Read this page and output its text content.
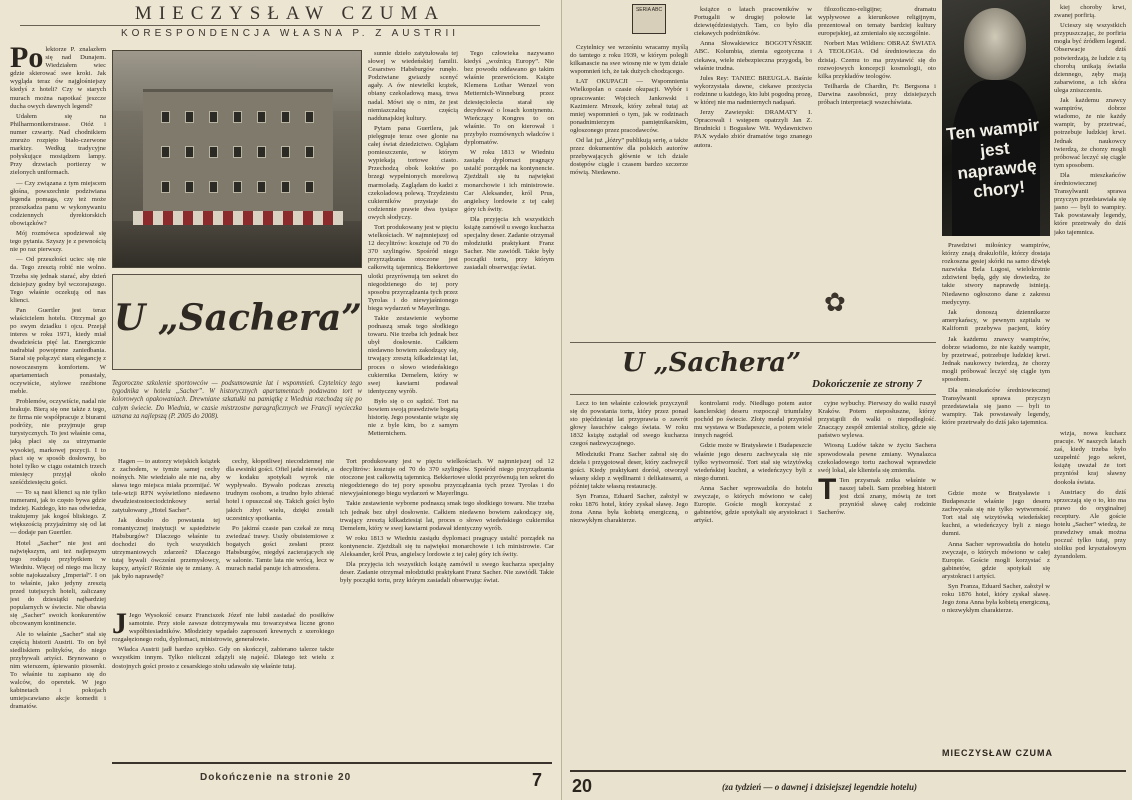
MIECZYSŁAW CZUMA
KORESPONDENCJA WŁASNA P. Z AUSTRII

Po lektorze P. znalazłem się nad Dunajem. Wiedziałem wiec gdzie skierować swe kroki. Jak wygląda teraz ów najgłośniejszy kiedyś z hoteli? Czy w starych murach można napotkać jeszcze ducha owych dawnych legend?

Udałem się na Philharmonikerstrasse. Otóż i numer czwarty. Nad chodnikiem zmrużo rozpięto biało-czerwone markizy. Według tradycyjne połyskujące mosiądzem lampy. Przy drzwiach portierzy w zielonych uniformach.

— Czy związana z tym miejscem głośna, powszechnie podziwiana legenda pomaga, czy też może przeszkadza panu w wykonywaniu codziennych dyrektorskich obowiązków?

Mój rozmówca spodziewał się tego pytania. Szyszy je z pewnością nie po raz pierwszy.

— Od przeszłości uciec się nie da. Tego zresztą robić nie wolno. Trzeba się jednak starać, aby dzień dzisiejszy godny był wczorajszego. Tego właśnie oczekują od nas klienci.

Pan Guertler jest teraz właścicielem hotelu. Otrzymał go po swym dziadku i ojcu. Przejął interes w roku 1971, kiedy miał dwadzieścia pięć lat. Energicznie nadrabiał powojenne zaniedbania. Starał się połączyć starą elegancję z nowoczesnym komfortem. W apartamentach ponastały, oczywiście, stylowe rzeźbione meble.

Problemów, oczywiście, nadal nie brakuje. Bierą się one także z tego, że firma nie współpracuje z biurami podróży, nie przyjmuje grup turystycznych. To jest właśnie cena, jaką płaci się za utrzymanie wysokiej, markowej pozycji. I to płaci się w sposób dosłowny, bo hotel tylko w ciągu ostatnich trzech miesięcy przyjął około sześćdziesięciu gości.

— To są nasi klienci są nie tylko numerami, jak to często bywa gdzie indziej. Każdego, kto nas odwiedza, traktujemy jak kogoś bliskiego. Z większością przyjaźnimy się od lat — dodaje pan Guertler.

Hotel „Sacher” nie jest ani największym, ani też najlepszym tego rodzaju przybytkiem w Wiedniu. Więcej od niego ma liczy sobie najokazalszy „Imperial”. I on to właśnie, jako jedyny zresztą przed tutejszych hoteli, zaliczany jest do dziesiątki najbardziej popularnych w świecie. Nie obawia się „Sacher” swoich konkurentów obcowanym kontinencie.

Ale to właśnie „Sacher” stał się częścią historii Austrii. To on był siedliskiem polityków, do niego przybywali artyści. Brynowano o nim wierszem, śpiewanio piosenki. To właśnie tu zapisano się do walców, do operetek. W jego kabinetach i pokojach umiejscawiano akcje komedii i dramatów.

sunnie dzieło zatytułowała tej słowej w wiedeńskiej familii. Cesarstwo Habsburgów runęło. Podziwiane gwiazdy scenyć agały. A ów niewielki krążek, obiany czekoladową masą, trwa nadal. Mówi się o nim, że jest niemiazczalną częścią naddunajskiej kultury.

Pytam pana Guertlera, jak pielęgnuje teraz owe glonie na całej świat dziedzictwo. Ogląłam pomieszczenie, w którym wypiekają tortowe ciasto. Przechodzą obok koktów po brzegi wypełnionych morelową marmoladą. Zaglądam do kadzi z czekoladową polewą. Trzydziestu cukierników przystaje do codziennie prawie dwa tysiące owych słodyczy.

Tort produkowany jest w pięciu wielkościach. W najmniejszej od 12 decylitrów: kosztuje od 70 do 370 szylingów. Spośród niego przyrządzania otoczone jest całkowitą tajemnicą. Bekkertowe ulotki przyrównują ten sekret do niegodzienego do tej pory sposobu przyrządzania tych przez Tyrolas i do niewyjaśnionego biegu wydarzeń w Mayerlingu.

Takie zestawienie wyborne podnaszą smak tego słodkiego towaru. Nie trzeba ich jednak bez ubył dosłownie. Całkiem niedawno bowiem zakodzący się, trwający zresztą kilkadziesiąt lat, proces o słowo wiedeńskiego cukiernika Demelem, który w swej kawiarni podawał identyczny wyrób.

Było się o co sądzić. Tort na bowiem swoją prawdziwie bogatą historię. Jego powstanie wiąże się nie z byle kim, bo z samym Metternichem.

Tego człowieka nazywano kiedyś „woźnicą Europy”. Nie bez powodu oddawano go takim właśnie przewróciom. Książe Klemens Lothar Wenzel von Metternich-Winneburg przez dziesięciolecia starał się decydować o losach kontynentu. Wieńczący Kongres to on właśnie. To on kierował i przybyło rozmównych władców i dyplomatów.

W roku 1813 w Wiedniu zasiądu dyplomaci pragnący ustalić porządek na kontynencie. Zjeżdżali się tu najwięksi monarchowie i ich ministrowie. Car Aleksander, król Prus, angielscy lordowie z tej całej góry ich świty.

Dla przyjęcia ich wszystkich książę zamówił u swego kucharza specjalny deser. Zadanie otrzymał młodziutki praktykant Franz Sacher. Nie zawiódł. Takie były początki tortu, przy którym zasiadali obserwując świat.

U „Sachera”
Tegoroczne szkolenie sportowców — podsumowanie lat i wspomnień. Czytelnicy tego tygodnika w hotelu „Sacher”. W historycznych apartamentach podawano tort w kolorowych opakowaniach. Drewniane szkatułki na pamiątkę z Wiednia rozchodzą się po całym świecie. Do Wiednia, w czasie mistrzostw paragraficznych we Francji wycieczka uznana za najlepszą (P. 2005 do 2008).

Hagen — to autorzy wiejskich książek z zachodem, w tymże samej cechy nośnych. Nie wiedziało ale nie na, aby sława tego miejsca miała przemijać. W tele-wizji RFN wyświetlono niedawno dwudziestostoeciodcinkowy serial zatytułowany „Hotel Sacher”.

Jak doszło do powstania tej romantycznej instytucji w sąsiedztwie Habsburgów? Dlaczego właśnie tu dochodzi do tych wszystkich utrzymaniowych zdarzeń? Dlaczego tutaj bywali ówcześni przemysłowcy, kupcy, artyści? Różnie się te zmiany. A jak było naprawdę?

cechy, kłopotliwej niecodziennej nie dla ewsinki gości. Ofiel jadał niewiele, a w kodaku spotykali wyrok nie wypływało. Bywało podczas zresztą trudnym osobom, a trudno było zbierać hotel i opuszczał się. Takich gości było jakich zbyt wielu, dzięki zostali uczestnicy spotkania.

Po jakimś czasie pan czekał ze mną zwiedzać trawy. Uszły obuistemiowe z bogatych gości zesłani przez Habsburgów, niegdyś zacierających się w salonie. Tamte lata nie wrócą, lecz w murach nadal panuje ich atmosfera.

J Jego Wysokość cesarz Franciszek Józef nie lubił zasiadać do posiłków samotnie. Przy stole zawsze dotrzymywała mu towarzystwa liczne grono współbiesiadników. Młodzieży wpadało zaproszeń krewnych z szerokiego rozgałęzionego rodu, dyplomaci, ministrowie, generałowie.

Władca Austrii jadł bardzo szybko. Gdy on skończył, zabierano talerze także wszystkim innym. Tylko nieliczni zdążyli się najeść. Dlatego też wielu z dostojnych gości prosto z cesarskiego stołu udawało się właśnie tutaj.

Tort produkowany jest w pięciu wielkościach. W najmniejszej od 12 decylitrów: kosztuje od 70 do 370 szylingów. Spośród niego przyrządzania otoczone jest całkowitą tajemnicą. Bekkertowe ulotki przyrównują ten sekret do niegodzienego do tej pory sposobu przyrządzania tych przez Tyrolas i do niewyjaśnionego biegu wydarzeń w Mayerlingu.

Takie zestawienie wyborne podnaszą smak tego słodkiego towaru. Nie trzeba ich jednak bez ubył dosłownie. Całkiem niedawno bowiem zakodzący się, trwający zresztą kilkadziesiąt lat, proces o słowo wiedeńskiego cukiernika Demelem, który w swej kawiarni podawał identyczny wyrób.

W roku 1813 w Wiedniu zasiądu dyplomaci pragnący ustalić porządek na kontynencie. Zjeżdżali się tu najwięksi monarchowie i ich ministrowie. Car Aleksander, król Prus, angielscy lordowie z tej całej góry ich świty.

Dla przyjęcia ich wszystkich książę zamówił u swego kucharza specjalny deser. Zadanie otrzymał młodziutki praktykant Franz Sacher. Nie zawiódł. Takie były początki tortu, przy którym zasiadali obserwując świat.

Dokończenie na stronie 20	7
SERIA ABC

Czytelnicy we wrześniu wracamy myślą do tamtego z roku 1939, w którym polegli kilkanascie na swe wiosnę nie w tym dziale wspomnień ich, że tak dużych chodzącego.

ŁAT OKUPACJI — Wspomnienia Wielkopolan o czasie okupacji. Wybór i opracowanie: Wojciech Jankowski i Kazimierz Mrozek, który zebrał tutaj aż mniej wspomnień o tym, jak w rodzinach ponadnimierzym pamiętnikarskim, ogłoszonego przez pracodawców.

Od lat już „łóżry” publikują serię, a także przez dokumentów dla polskich autorów przebywających głównie w ich dziale dostępów ciągle i czasem bardzo szczerze mówią. Niedawno.

książce o latach pracowników w Portugalii w drugiej połowie lat dziewięćdziesiątych. Tam, co było dla ciekawych podróżników.

Anna Słowakiewicz BOGOTYŃSKIE ABC. Kolumbia, ziemia egzotyczna i ciekawa, wiele niebezpieczna przygodą, bo właśnie trudna.

Jules Rey: TANIEC BREUGLA. Baśnie wykorzystała dawne, ciekawe przeżycia rodzinne u każdego, kto lubi pogodną prozę, w której nie ma nadmiernych nadąsań.

Jerzy Zawieyski: DRAMATY I. Opracowali i wstępem opatrzyli Jan Z. Brudnicki i Bogusław Wit. Wydawnictwo PAX wydało zbiór dramatów tego znanego autora.

filozoficzno-religijne; dramatu wypływowe a kierunkowe religijnym, prezentował on tematy bardziej kultury europejskiej, aż zmieniało się szczególnie.

Norbert Max Wildiers: OBRAZ ŚWIATA A TEOLOGIA. Od średniowiecza do dzisiaj. Czemu to ma przystawić się do rozwojowych koncepcji kosmologii, oto kilka przykładów teologów.

Teilharda de Chardin, Fr. Bergsona i Darwina zasobności, przy dzisiejszych próbach interpretacji wszechświata.

Ten wampir jest naprawdę chory!

kiej choroby krwi, zwanej porfirią.

Ucieszy się wszystkich przypuszczając, że porfiria mogła być źródłem legend. Obserwacje dziś potwierdzają, że ludzie z tą chorobą unikają światła dziennego, zęby mają zabarwione, a ich skóra ulega zniszczeniu.

Jak każdemu znawcy wampirów, dobrze wiadomo, że nie każdy wampir, by przetrwać, potrzebuje ludzkiej krwi. Jednak naukowcy twierdzą, że chorzy mogli próbować leczyć się ciągle tym sposobem.

Dla mieszkańców średniowiecznej Transylwanii sprawa przyczyn przedstawiała się jasno — byli to wampiry. Tak powstawały legendy, które przetrwały do dziś jako tajemnica.

Prawdziwi miłośnicy wampirów, którzy znają drakulofile, którzy dostaja rozkoszna gęsiej skórki na samo dźwięk nazwiska Bela Lugosi, wielokrotnie zdziwieni będą, gdy się dowiedzą, że takie stwory naprawdę istnieją. Niedawno ogłoszono dane z zakresu medycyny.

Jak donoszą dziennikarze amerykańscy, w pewnym szpitalu w Kalifornii przebywa pacjent, który

✿

Jak każdemu znawcy wampirów, dobrze wiadomo, że nie każdy wampir, by przetrwać, potrzebuje ludzkiej krwi. Jednak naukowcy twierdzą, że chorzy mogli próbować leczyć się ciągle tym sposobem.

Dla mieszkańców średniowiecznej Transylwanii sprawa przyczyn przedstawiała się jasno — byli to wampiry. Tak powstawały legendy, które przetrwały do dziś jako tajemnica.

wizja, nowa kucharz pracuje. W naszych latach zaś, kiedy trzeba było uzupełnić jego sekret, książę uważał że tort przyniósł kraj sławny dookoła świata.

Austriacy do dziś sprzeczają się o to, kto ma prawo do oryginalnej receptury. Ale goście hotelu „Sacher” wiedzą, że prawdziwy smak można poczuć tylko tutaj, przy stoliku pod kryształowym żyrandolem.

U „Sachera”
Dokończenie ze strony 7

Lecz to ten właśnie człowiek przyczynił się do powstania tortu, który przez ponad sto pięćdziesiąt lat przyprawia o zawrót głowy łasuchów całego świata. W roku 1832 książę zażądał od swego kucharza czegoś nadzwyczajnego.

Młodziutki Franz Sacher zabrał się do dzieła i przygotował deser, który zachwycił gości. Kiedy praktykant dorósł, otworzył własny sklep z wędlinami i delikatesami, a później także własną restaurację.

Syn Franza, Eduard Sacher, założył w roku 1876 hotel, który zyskał sławę. Jego żona Anna była kobietą energiczną, o niezwykłym charakterze.

kontrolami rody. Niedługo potem autor kanclerskiej deseru rozpoczął triumfalny pochód po świecie. Złoty medal przyniósł mu wystawa w Budapeszcie, a potem wiele innych nagród.

Gdzie może w Bratysławie i Budapeszcie właśnie jego deseru zachwycała się nie tylko wytworność. Tort stał się wizytówką wiedeńskiej kuchni, a wiedeńczycy byli z niego dumni.

Anna Sacher wprowadziła do hotelu zwyczaje, o których mówiono w całej Europie. Goście mogli korzystać z gabinetów, gdzie spotykali się arystokraci i artyści.

cyjne wybuchy. Pierwszy do walki ruszył Kraków. Potem nieposłuszne, którzy przystąpili do walki o niepodległość. Znaczący zespół zmieniał stolicę, gdzie się państwo wylewa.

Wiosną Ludów także w życiu Sachera spowodowała pewne zmiany. Wynalazca czekoladowego tortu zachował wprawdzie swój lokal, ale klientela się zmieniła.

T Ten przysmak znika właśnie w naszej tabeli. Sam przebieg historii jest dziś znany, mówią że tort przyniósł sławę całej rodzinie Sacherów.

Gdzie może w Bratysławie i Budapeszcie właśnie jego deseru zachwycała się nie tylko wytworność. Tort stał się wizytówką wiedeńskiej kuchni, a wiedeńczycy byli z niego dumni.

Anna Sacher wprowadziła do hotelu zwyczaje, o których mówiono w całej Europie. Goście mogli korzystać z gabinetów, gdzie spotykali się arystokraci i artyści.

Syn Franza, Eduard Sacher, założył w roku 1876 hotel, który zyskał sławę. Jego żona Anna była kobietą energiczną, o niezwykłym charakterze.

MIECZYSŁAW CZUMA
20	(za tydzień — o dawnej i dzisiejszej legendzie hotelu)
